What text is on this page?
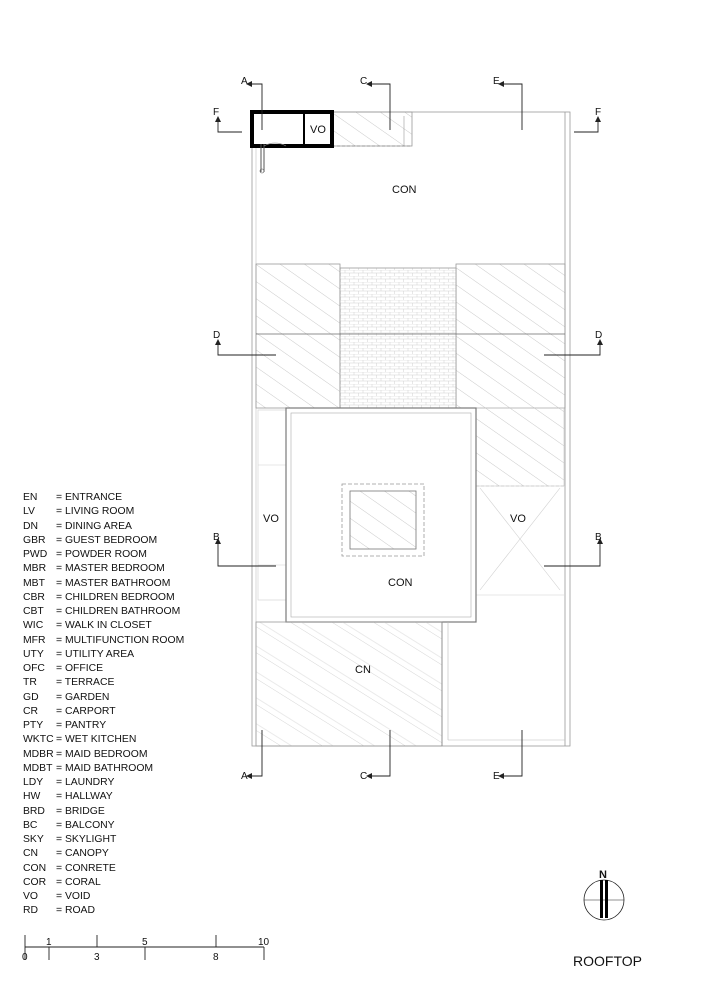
A	C	E
F	F
D	D
B	B
A	C	E
VO
CON
VO	VO
CON
CN
1	5	10
0	3	8
N
EN	= ENTRANCE
LV	= LIVING ROOM
DN	= DINING AREA
GBR	= GUEST BEDROOM
PWD = POWDER ROOM
MBR = MASTER BEDROOM
MBT	= MASTER BATHROOM
CBR	= CHILDREN BEDROOM
CBT	= CHILDREN BATHROOM
WIC	= WALK IN CLOSET
MFR	= MULTIFUNCTION ROOM
UTY	= UTILITY AREA
OFC	= OFFICE
TR	= TERRACE
GD	= GARDEN
CR	= CARPORT
PTY	= PANTRY
WKTC = WET KITCHEN
MDBR = MAID BEDROOM
MDBT = MAID BATHROOM
LDY	= LAUNDRY
HW	= HALLWAY
BRD	= BRIDGE
BC	= BALCONY
SKY	= SKYLIGHT
CN	= CANOPY
CON = CONRETE
COR = CORAL
VO	= VOID
RD	= ROAD
ROOFTOP
